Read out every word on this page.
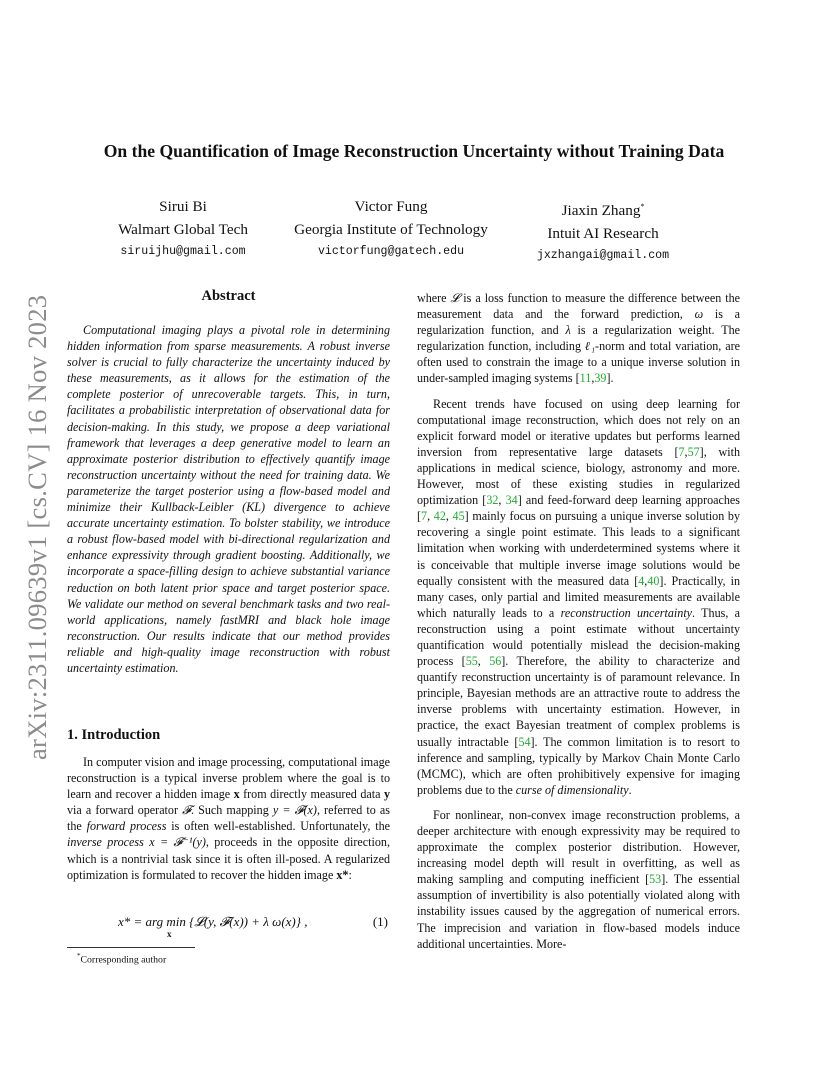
arXiv:2311.09639v1 [cs.CV] 16 Nov 2023
On the Quantification of Image Reconstruction Uncertainty without Training Data
Sirui Bi
Walmart Global Tech
siruijhu@gmail.com
Victor Fung
Georgia Institute of Technology
victorfung@gatech.edu
Jiaxin Zhang*
Intuit AI Research
jxzhangai@gmail.com
Abstract
Computational imaging plays a pivotal role in determining hidden information from sparse measurements. A robust inverse solver is crucial to fully characterize the uncertainty induced by these measurements, as it allows for the estimation of the complete posterior of unrecoverable targets. This, in turn, facilitates a probabilistic interpretation of observational data for decision-making. In this study, we propose a deep variational framework that leverages a deep generative model to learn an approximate posterior distribution to effectively quantify image reconstruction uncertainty without the need for training data. We parameterize the target posterior using a flow-based model and minimize their Kullback-Leibler (KL) divergence to achieve accurate uncertainty estimation. To bolster stability, we introduce a robust flow-based model with bi-directional regularization and enhance expressivity through gradient boosting. Additionally, we incorporate a space-filling design to achieve substantial variance reduction on both latent prior space and target posterior space. We validate our method on several benchmark tasks and two real-world applications, namely fastMRI and black hole image reconstruction. Our results indicate that our method provides reliable and high-quality image reconstruction with robust uncertainty estimation.
1. Introduction
In computer vision and image processing, computational image reconstruction is a typical inverse problem where the goal is to learn and recover a hidden image x from directly measured data y via a forward operator 𝓕. Such mapping y = 𝓕(x), referred to as the forward process is often well-established. Unfortunately, the inverse process x = 𝓕⁻¹(y), proceeds in the opposite direction, which is a nontrivial task since it is often ill-posed. A regularized optimization is formulated to recover the hidden image x*:
x* = arg min {𝓛(y, 𝓕(x)) + λ ω(x)} ,
x
(1)
*Corresponding author

where 𝓛 is a loss function to measure the difference between the measurement data and the forward prediction, ω is a regularization function, and λ is a regularization weight. The regularization function, including ℓ₁-norm and total variation, are often used to constrain the image to a unique inverse solution in under-sampled imaging systems [11,39].

Recent trends have focused on using deep learning for computational image reconstruction, which does not rely on an explicit forward model or iterative updates but performs learned inversion from representative large datasets [7,57], with applications in medical science, biology, astronomy and more. However, most of these existing studies in regularized optimization [32, 34] and feed-forward deep learning approaches [7, 42, 45] mainly focus on pursuing a unique inverse solution by recovering a single point estimate. This leads to a significant limitation when working with underdetermined systems where it is conceivable that multiple inverse image solutions would be equally consistent with the measured data [4,40]. Practically, in many cases, only partial and limited measurements are available which naturally leads to a reconstruction uncertainty. Thus, a reconstruction using a point estimate without uncertainty quantification would potentially mislead the decision-making process [55, 56]. Therefore, the ability to characterize and quantify reconstruction uncertainty is of paramount relevance. In principle, Bayesian methods are an attractive route to address the inverse problems with uncertainty estimation. However, in practice, the exact Bayesian treatment of complex problems is usually intractable [54]. The common limitation is to resort to inference and sampling, typically by Markov Chain Monte Carlo (MCMC), which are often prohibitively expensive for imaging problems due to the curse of dimensionality.

For nonlinear, non-convex image reconstruction problems, a deeper architecture with enough expressivity may be required to approximate the complex posterior distribution. However, increasing model depth will result in overfitting, as well as making sampling and computing inefficient [53]. The essential assumption of invertibility is also potentially violated along with instability issues caused by the aggregation of numerical errors. The imprecision and variation in flow-based models induce additional uncertainties. More-
